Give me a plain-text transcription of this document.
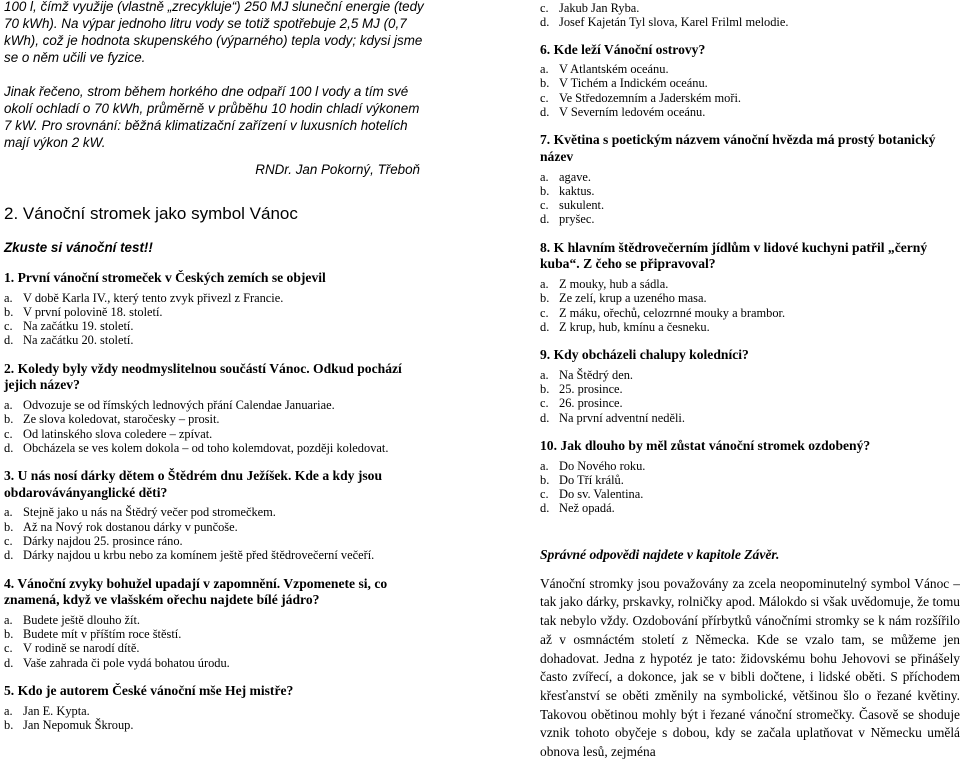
100 l, čímž využije (vlastně „zrecykluje“) 250 MJ sluneční energie (tedy 70 kWh). Na výpar jednoho litru vody se totiž spotřebuje 2,5 MJ (0,7 kWh), což je hodnota skupenského (výparného) tepla vody; kdysi jsme se o něm učili ve fyzice.

Jinak řečeno, strom během horkého dne odpaří 100 l vody a tím své okolí ochladí o 70 kWh, průměrně v průběhu 10 hodin chladí výkonem 7 kW. Pro srovnání: běžná klimatizační zařízení v luxusních hotelích mají výkon 2 kW.

RNDr. Jan Pokorný, Třeboň

2. Vánoční stromek jako symbol Vánoc

Zkuste si vánoční test!!

1. První vánoční stromeček v Českých zemích se objevil

a. V době Karla IV., který tento zvyk přivezl z Francie.

b. V první polovině 18. století.

c. Na začátku 19. století.

d. Na začátku 20. století.

2. Koledy byly vždy neodmyslitelnou součástí Vánoc. Odkud pochází jejich název?

a. Odvozuje se od římských lednových přání Calendae Januariae.

b. Ze slova koledovat, staročesky – prosit.

c. Od latinského slova coledere – zpívat.

d. Obcházela se ves kolem dokola – od toho kolemdovat, později koledovat.

3. U nás nosí dárky dětem o Štědrém dnu Ježíšek. Kde a kdy jsou obdarováványanglické děti?

a. Stejně jako u nás na Štědrý večer pod stromečkem.

b. Až na Nový rok dostanou dárky v punčoše.

c. Dárky najdou 25. prosince ráno.

d. Dárky najdou u krbu nebo za komínem ještě před štědrovečerní večeří.

4. Vánoční zvyky bohužel upadají v zapomnění. Vzpomenete si, co znamená, když ve vlašském ořechu najdete bílé jádro?

a. Budete ještě dlouho žít.

b. Budete mít v příštím roce štěstí.

c. V rodině se narodí dítě.

d. Vaše zahrada či pole vydá bohatou úrodu.

5. Kdo je autorem České vánoční mše Hej mistře?

a. Jan E. Kypta.

b. Jan Nepomuk Škroup.

c. Jakub Jan Ryba.

d. Josef Kajetán Tyl slova, Karel Frilml melodie.

6. Kde leží Vánoční ostrovy?

a. V Atlantském oceánu.

b. V Tichém a Indickém oceánu.

c. Ve Středozemním a Jaderském moři.

d. V Severním ledovém oceánu.

7. Květina s poetickým názvem vánoční hvězda má prostý botanický název

a. agave.

b. kaktus.

c. sukulent.

d. pryšec.

8. K hlavním štědrovečerním jídlům v lidové kuchyni patřil „černý kuba“. Z čeho se připravoval?

a. Z mouky, hub a sádla.

b. Ze zelí, krup a uzeného masa.

c. Z máku, ořechů, celozrnné mouky a brambor.

d. Z krup, hub, kmínu a česneku.

9. Kdy obcházeli chalupy koledníci?

a. Na Štědrý den.

b. 25. prosince.

c. 26. prosince.

d. Na první adventní neděli.

10. Jak dlouho by měl zůstat vánoční stromek ozdobený?

a. Do Nového roku.

b. Do Tří králů.

c. Do sv. Valentina.

d. Než opadá.

Správné odpovědi najdete v kapitole Závěr.

Vánoční stromky jsou považovány za zcela neopominutelný symbol Vánoc – tak jako dárky, prskavky, rolničky apod. Málokdo si však uvědomuje, že tomu tak nebylo vždy. Ozdobování přírbytků vánočními stromky se k nám rozšířilo až v osmnáctém století z Německa. Kde se vzalo tam, se můžeme jen dohadovat. Jedna z hypotéz je tato: židovskému bohu Jehovovi se přinášely často zvířecí, a dokonce, jak se v bibli dočtene, i lidské oběti. S příchodem křesťanství se oběti změnily na symbolické, většinou šlo o řezané květiny. Takovou obětinou mohly být i řezané vánoční stromečky. Časově se shoduje vznik tohoto obyčeje s dobou, kdy se začala uplatňovat v Německu umělá obnova lesů, zejména
